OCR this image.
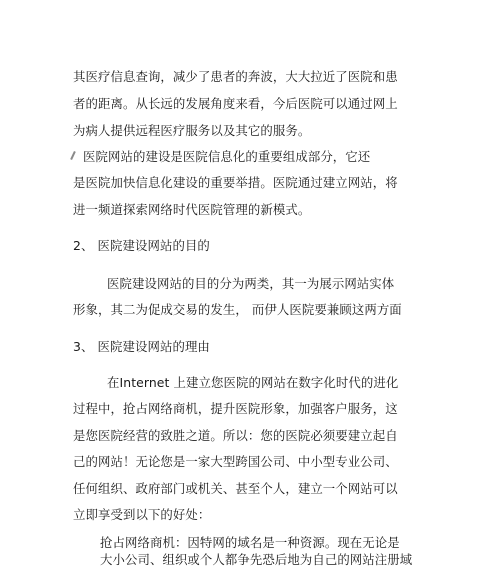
其医疗信息查询，减少了患者的奔波，大大拉近了医院和患
者的距离。从长远的发展角度来看，今后医院可以通过网上
为病人提供远程医疗服务以及其它的服务。
医院网站的建设是医院信息化的重要组成部分，它还
是医院加快信息化建设的重要举措。医院通过建立网站，将
进一频道探索网络时代医院管理的新模式。
2、 医院建设网站的目的
医院建设网站的目的分为两类，其一为展示网站实体
形象，其二为促成交易的发生， 而伊人医院要兼顾这两方面
3、 医院建设网站的理由
在Internet 上建立您医院的网站在数字化时代的进化
过程中，抢占网络商机，提升医院形象，加强客户服务，这
是您医院经营的致胜之道。所以：您的医院必须要建立起自
己的网站！无论您是一家大型跨国公司、中小型专业公司、
任何组织、政府部门或机关、甚至个人，建立一个网站可以
立即享受到以下的好处：
抢占网络商机：因特网的域名是一种资源。现在无论是
大小公司、组织或个人都争先恐后地为自己的网站注册域
